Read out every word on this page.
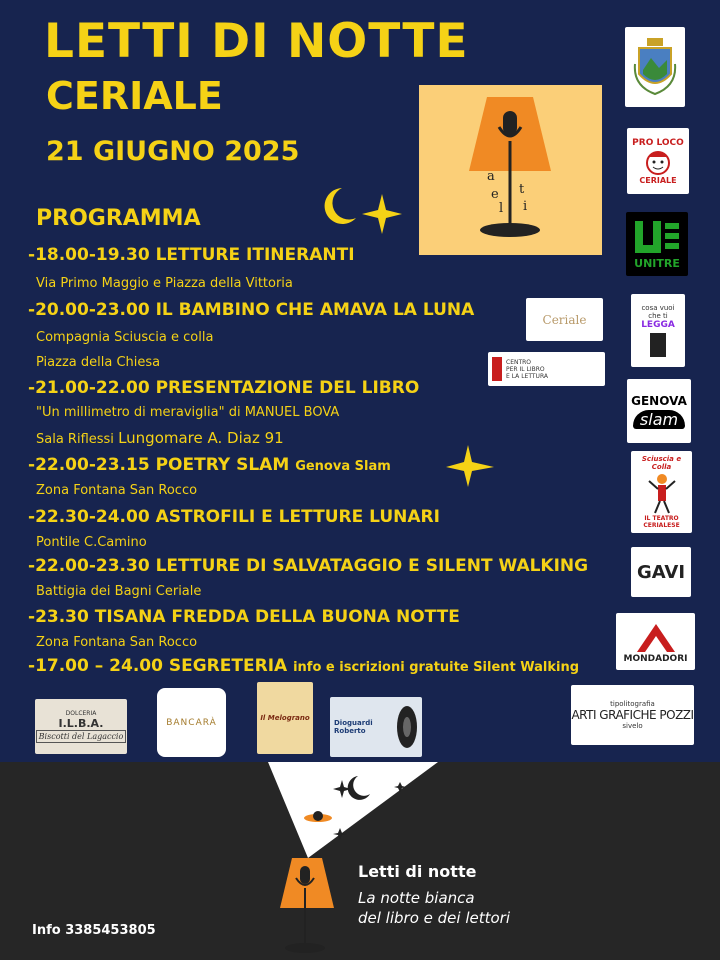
LETTI DI NOTTE
CERIALE
21 GIUGNO 2025
a
e
l
t
i
PROGRAMMA
-18.00-19.30 LETTURE ITINERANTI
Via Primo Maggio e Piazza della Vittoria
-20.00-23.00 IL BAMBINO CHE AMAVA LA LUNA
Compagnia Sciuscia e colla
Piazza della Chiesa
-21.00-22.00 PRESENTAZIONE DEL LIBRO
"Un millimetro di meraviglia" di MANUEL BOVA
Sala Riflessi Lungomare A. Diaz 91
-22.00-23.15 POETRY SLAM Genova Slam
Zona Fontana San Rocco
-22.30-24.00 ASTROFILI E LETTURE LUNARI
Pontile C.Camino
-22.00-23.30 LETTURE DI SALVATAGGIO E SILENT WALKING
Battigia dei Bagni Ceriale
-23.30 TISANA FREDDA DELLA BUONA NOTTE
Zona Fontana San Rocco
-17.00 – 24.00 SEGRETERIA info e iscrizioni gratuite Silent Walking
PRO LOCO
CERIALE
UNITRE
cosa vuoi
che ti
LEGGA
GENOVA
slam
Sciuscia e Colla
IL TEATRO CERIALESE
GAVI
MONDADORI
tipolitografia
ARTI GRAFICHE POZZI
sivelo
Ceriale
CENTRO
PER IL LIBRO
E LA LETTURA
DOLCERIA
I.L.B.A.
Biscotti del Lagaccio
BANCARÀ	Il Melograno
Dioguardi Roberto
Info 3385453805
Letti di notte
La notte bianca
del libro e dei lettori
